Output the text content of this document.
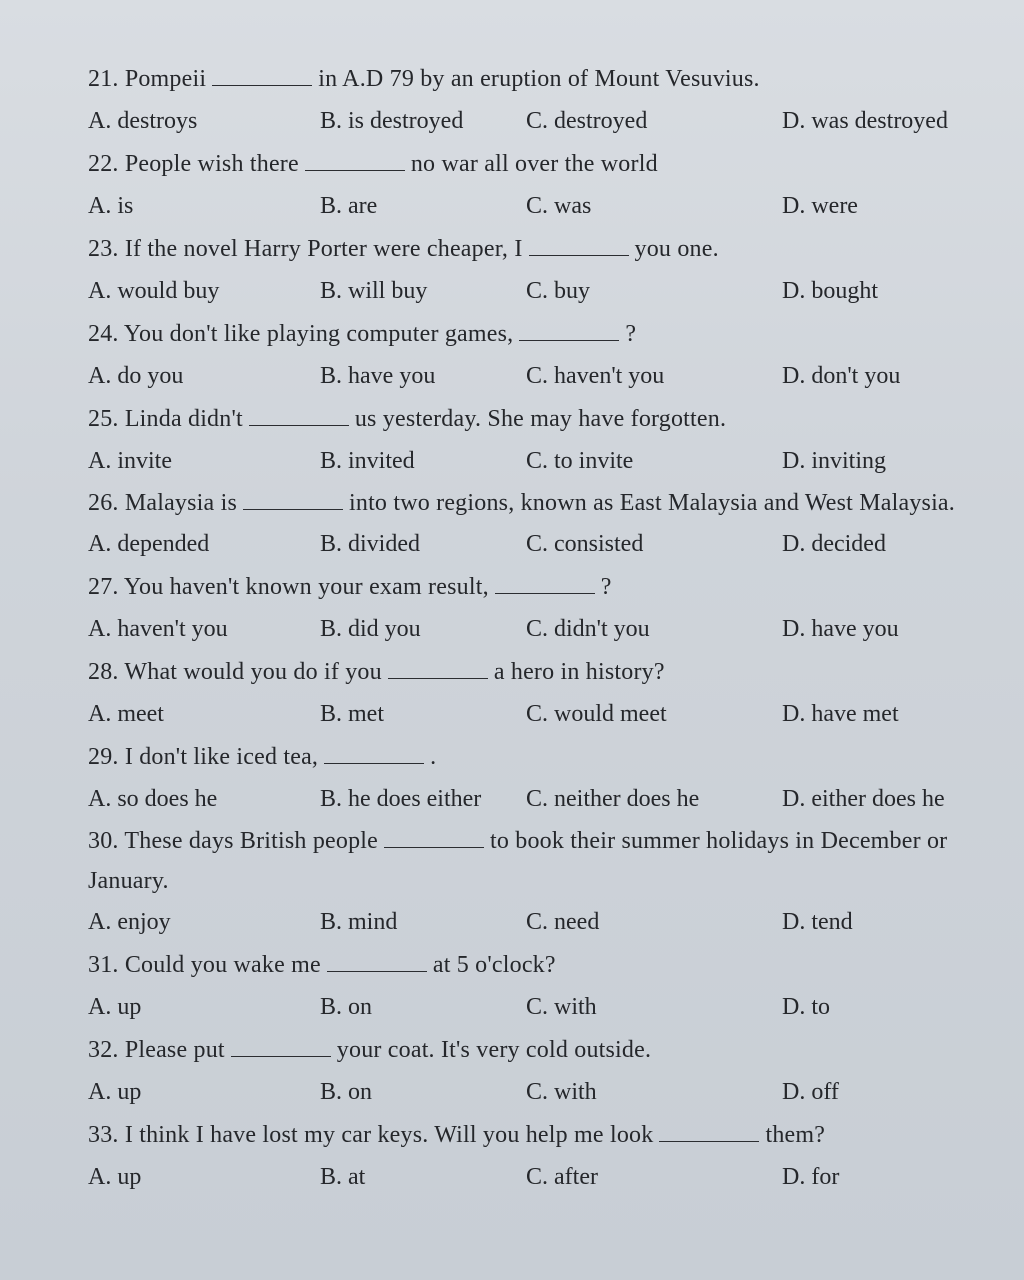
21. Pompeii	in A.D 79 by an eruption of Mount Vesuvius.
A. destroys	B. is destroyed	C. destroyed	D. was destroyed
22. People wish there	no war all over the world
A. is	B. are	C. was	D. were
23. If the novel Harry Porter were cheaper, I	you one.
A. would buy	B. will buy	C. buy	D. bought
24. You don't like playing computer games,	?
A. do you	B. have you	C. haven't you	D. don't you
25. Linda didn't	us yesterday. She may have forgotten.
A. invite	B. invited	C. to invite	D. inviting
26. Malaysia is	into two regions, known as East Malaysia and West Malaysia.
A. depended	B. divided	C. consisted	D. decided
27. You haven't known your exam result,	?
A. haven't you	B. did you	C. didn't you	D. have you
28. What would you do if you	a hero in history?
A. meet	B. met	C. would meet	D. have met
29. I don't like iced tea,	.
A. so does he	B. he does either C. neither does he	D. either does he
30. These days British people	to book their summer holidays in December or January.
A. enjoy	B. mind	C. need	D. tend
31. Could you wake me	at 5 o'clock?
A. up	B. on	C. with	D. to
32. Please put	your coat. It's very cold outside.
A. up	B. on	C. with	D. off
33. I think I have lost my car keys. Will you help me look	them?
A. up	B. at	C. after	D. for
